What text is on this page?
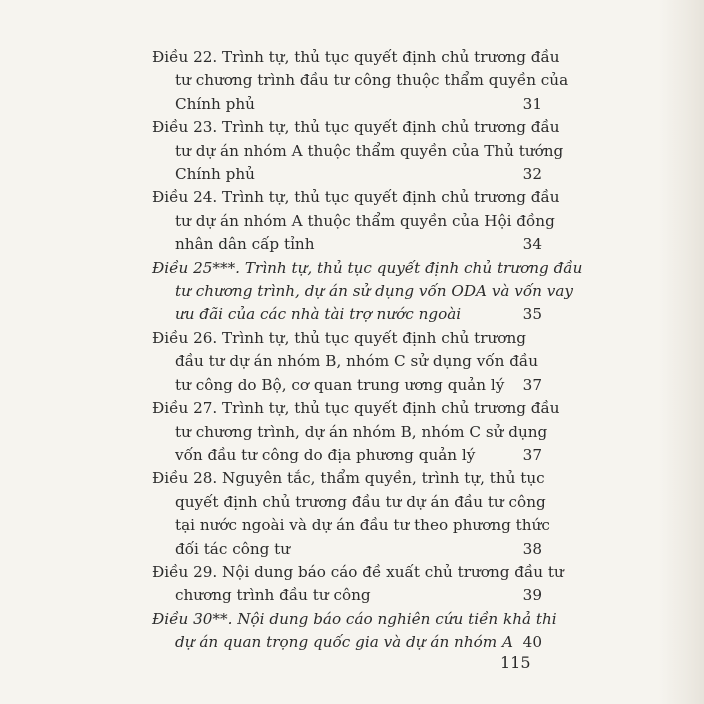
Điều 22. Trình tự, thủ tục quyết định chủ trương đầu
tư chương trình đầu tư công thuộc thẩm quyền của
Chính phủ	31
Điều 23. Trình tự, thủ tục quyết định chủ trương đầu
tư dự án nhóm A thuộc thẩm quyền của Thủ tướng
Chính phủ	32
Điều 24. Trình tự, thủ tục quyết định chủ trương đầu
tư dự án nhóm A thuộc thẩm quyền của Hội đồng
nhân dân cấp tỉnh	34
Điều 25***. Trình tự, thủ tục quyết định chủ trương đầu
tư chương trình, dự án sử dụng vốn ODA và vốn vay
ưu đãi của các nhà tài trợ nước ngoài	35
Điều 26. Trình tự, thủ tục quyết định chủ trương
đầu tư dự án nhóm B, nhóm C sử dụng vốn đầu
tư công do Bộ, cơ quan trung ương quản lý	37
Điều 27. Trình tự, thủ tục quyết định chủ trương đầu
tư chương trình, dự án nhóm B, nhóm C sử dụng
vốn đầu tư công do địa phương quản lý	37
Điều 28. Nguyên tắc, thẩm quyền, trình tự, thủ tục
quyết định chủ trương đầu tư dự án đầu tư công
tại nước ngoài và dự án đầu tư theo phương thức
đối tác công tư	38
Điều 29. Nội dung báo cáo đề xuất chủ trương đầu tư
chương trình đầu tư công	39
Điều 30**. Nội dung báo cáo nghiên cứu tiền khả thi
dự án quan trọng quốc gia và dự án nhóm A 40
115
